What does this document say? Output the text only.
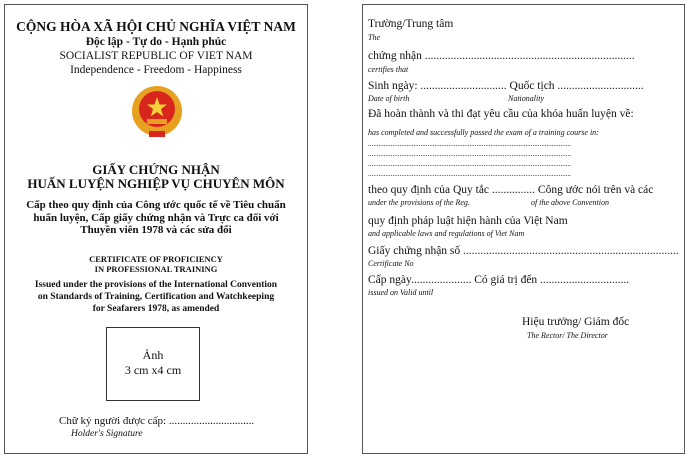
CỘNG HÒA XÃ HỘI CHỦ NGHĨA VIỆT NAM
Độc lập - Tự do - Hạnh phúc
SOCIALIST REPUBLIC OF VIET NAM
Independence - Freedom - Happiness
GIẤY CHỨNG NHẬN
HUẤN LUYỆN NGHIỆP VỤ CHUYÊN MÔN
Cấp theo quy định của Công ước quốc tế về Tiêu chuẩn
huấn luyện, Cấp giấy chứng nhận và Trực ca đối với
Thuyền viên 1978 và các sửa đổi
CERTIFICATE OF PROFICIENCY
IN PROFESSIONAL TRAINING
Issued under the provisions of the International Convention
on Standards of Training, Certification and Watchkeeping
for Seafarers 1978, as amended
Ảnh
3 cm x4 cm
Chữ ký người được cấp: ...............................
Holder's Signature
Trường/Trung tâm
The
chứng nhận .........................................................................
certifies that
Sinh ngày: .............................. Quốc tịch ..............................
Date of birth	Nationality
Đã hoàn thành và thi đạt yêu cầu của khóa huấn luyện về:
has completed and successfully passed the exam of a training course in:
....................................................................................................................
....................................................................................................................
....................................................................................................................
....................................................................................................................
theo quy định của Quy tắc ............... Công ước nói trên và các
under the provisions of the Reg.	of the above Convention
quy định pháp luật hiện hành của Việt Nam
and applicable laws and regulations of Viet Nam
Giấy chứng nhận số ...........................................................................
Certificate No
Cấp ngày..................... Có giá trị đến ...............................
issued on Valid until
Hiệu trưởng/ Giám đốc
The Rector/ The Director
